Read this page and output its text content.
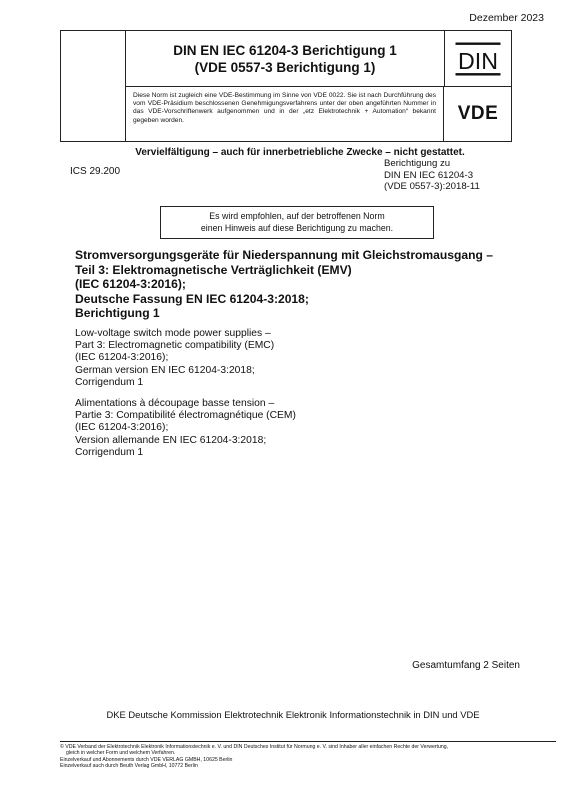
Dezember 2023
DIN EN IEC 61204-3 Berichtigung 1
(VDE 0557-3 Berichtigung 1)
Diese Norm ist zugleich eine VDE-Bestimmung im Sinne von VDE 0022. Sie ist nach Durchführung des vom VDE-Präsidium beschlossenen Genehmigungsverfahrens unter der oben angeführten Nummer in das VDE-Vorschriftenwerk aufgenommen und in der „etz Elektrotechnik + Automation“ bekannt gegeben worden.
DIN
VDE
Vervielfältigung – auch für innerbetriebliche Zwecke – nicht gestattet.
ICS 29.200
Berichtigung zu
DIN EN IEC 61204-3
(VDE 0557-3):2018-11
Es wird empfohlen, auf der betroffenen Norm
einen Hinweis auf diese Berichtigung zu machen.
Stromversorgungsgeräte für Niederspannung mit Gleichstromausgang –
Teil 3: Elektromagnetische Verträglichkeit (EMV)
(IEC 61204-3:2016);
Deutsche Fassung EN IEC 61204-3:2018;
Berichtigung 1
Low-voltage switch mode power supplies –
Part 3: Electromagnetic compatibility (EMC)
(IEC 61204-3:2016);
German version EN IEC 61204-3:2018;
Corrigendum 1
Alimentations à découpage basse tension –
Partie 3: Compatibilité électromagnétique (CEM)
(IEC 61204-3:2016);
Version allemande EN IEC 61204-3:2018;
Corrigendum 1
Gesamtumfang 2 Seiten
DKE Deutsche Kommission Elektrotechnik Elektronik Informationstechnik in DIN und VDE
© VDE Verband der Elektrotechnik Elektronik Informationstechnik e. V. und DIN Deutsches Institut für Normung e. V. sind Inhaber aller einfachen Rechte der Verwertung,
gleich in welcher Form und welchem Verfahren.
Einzelverkauf und Abonnements durch VDE VERLAG GMBH, 10625 Berlin
Einzelverkauf auch durch Beuth Verlag GmbH, 10772 Berlin
